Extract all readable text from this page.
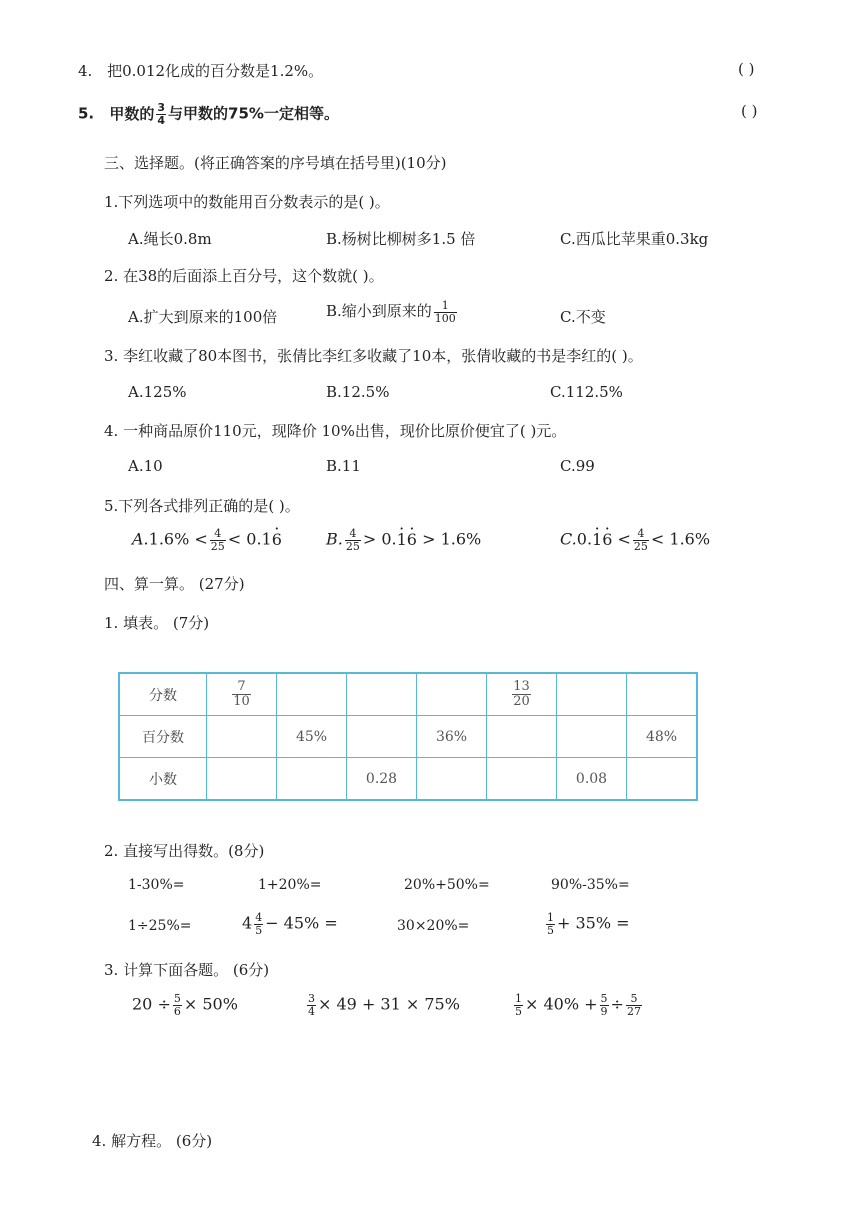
4. 把0.012化成的百分数是1.2%。	( )
5. 甲数的 $\frac{3}{4}$ 与甲数的75%一定相等。	( )
三、选择题。(将正确答案的序号填在括号里)(10分)
1.下列选项中的数能用百分数表示的是( )。
A.绳长0.8m	B.杨树比柳树多1.5 倍	C.西瓜比苹果重0.3kg
2. 在38的后面添上百分号，这个数就( )。
A.扩大到原来的100倍	B.缩小到原来的 $\frac{1}{100}$	C.不变
3. 李红收藏了80本图书，张倩比李红多收藏了10本，张倩收藏的书是李红的( )。
A.125%	B.12.5%	C.112.5%
4. 一种商品原价110元，现降价 10%出售，现价比原价便宜了( )元。
A.10	B.11	C.99
5.下列各式排列正确的是( )。
$A.1.6\% < \frac{4}{25} < 0.1\cdot 6$	B. $\frac{4}{25} > 0.\cdot 1\cdot 6 > 1.6\%$	$C.0.\cdot 1\cdot 6 < \frac{4}{25} < 1.6\%$
四、算一算。 (27分)
1. 填表。 (7分)
分数	$\frac{7}{10}$				$\frac{13}{20}$

百分数		45%		36%			48%
小数			0.28			0.08	
2. 直接写出得数。(8分)
1-30%=	1+20%=	20%+50%=	90%-35%=
1÷25%=	$4 \frac{4}{5} - 45\%$ =	30×20%=	$\frac{1}{5} + 35\%$ =
3. 计算下面各题。 (6分)
$20 \div \frac{5}{6} \times 50\%$	$\frac{3}{4} \times 49 + 31 \times 75\%$	$\frac{1}{5} \times 40\% + \frac{5}{9} \div \frac{5}{27}$
4. 解方程。 (6分)
